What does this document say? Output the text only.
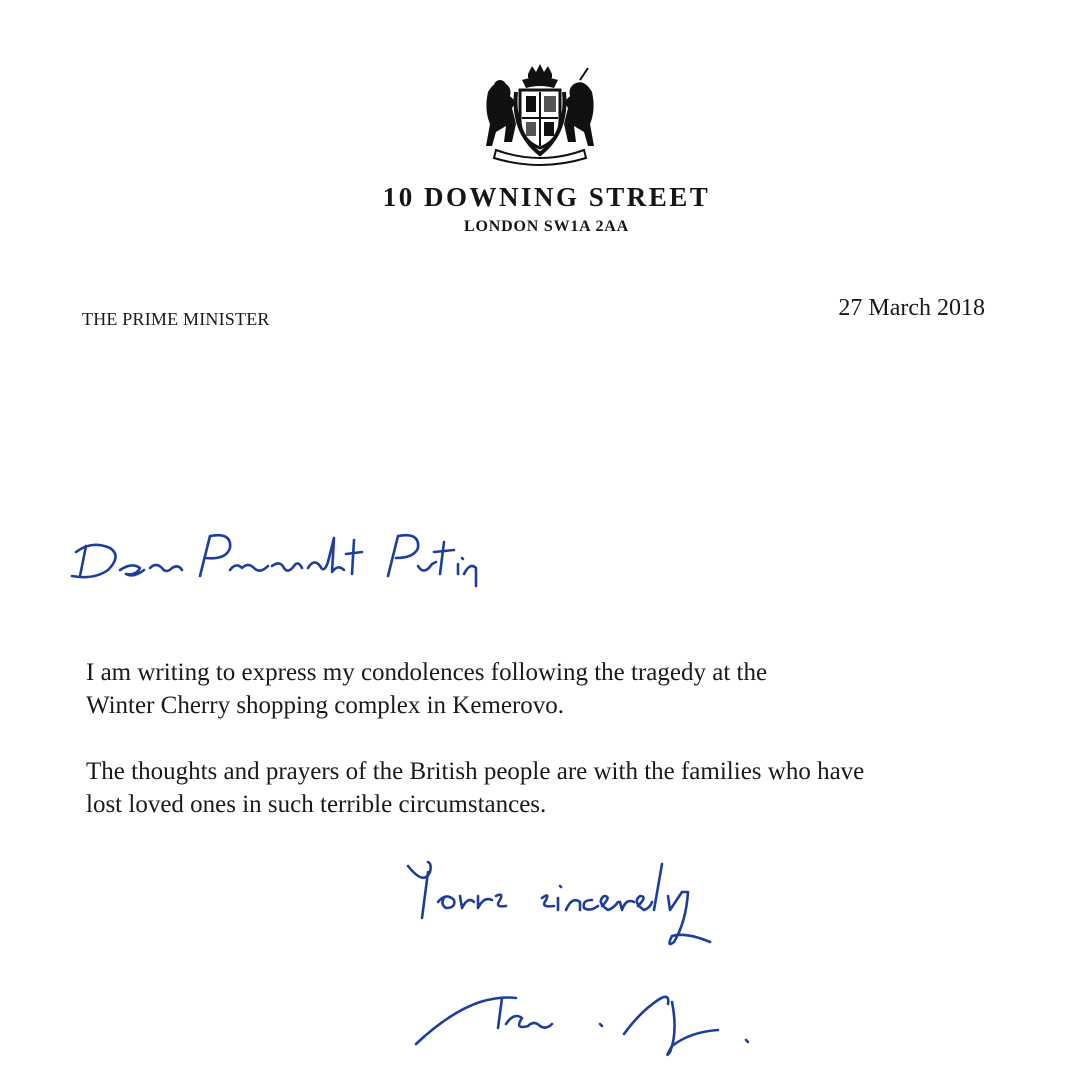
10 DOWNING STREET
LONDON SW1A 2AA
THE PRIME MINISTER	27 March 2018
I am writing to express my condolences following the tragedy at the
Winter Cherry shopping complex in Kemerovo.
The thoughts and prayers of the British people are with the families who have
lost loved ones in such terrible circumstances.
